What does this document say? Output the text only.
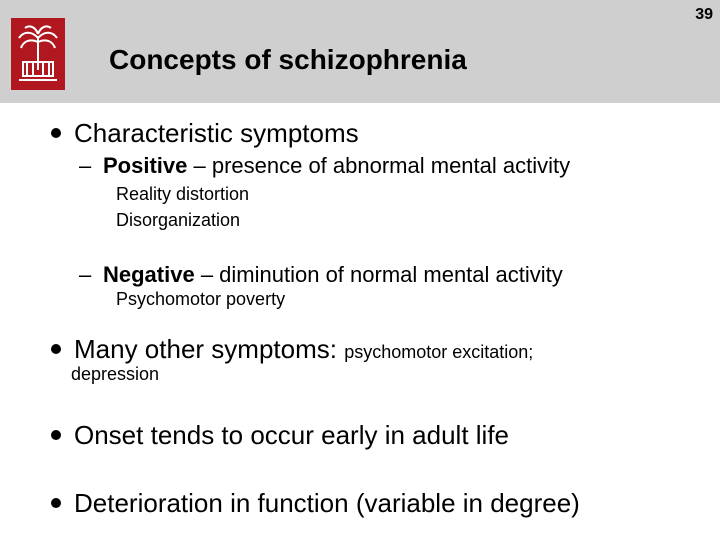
39
Concepts of schizophrenia
Characteristic symptoms
– Positive – presence of abnormal mental activity
Reality distortion
Disorganization
– Negative – diminution of normal mental activity
Psychomotor poverty
Many other symptoms: psychomotor excitation;
depression
Onset tends to occur early in adult life
Deterioration in function (variable in degree)
